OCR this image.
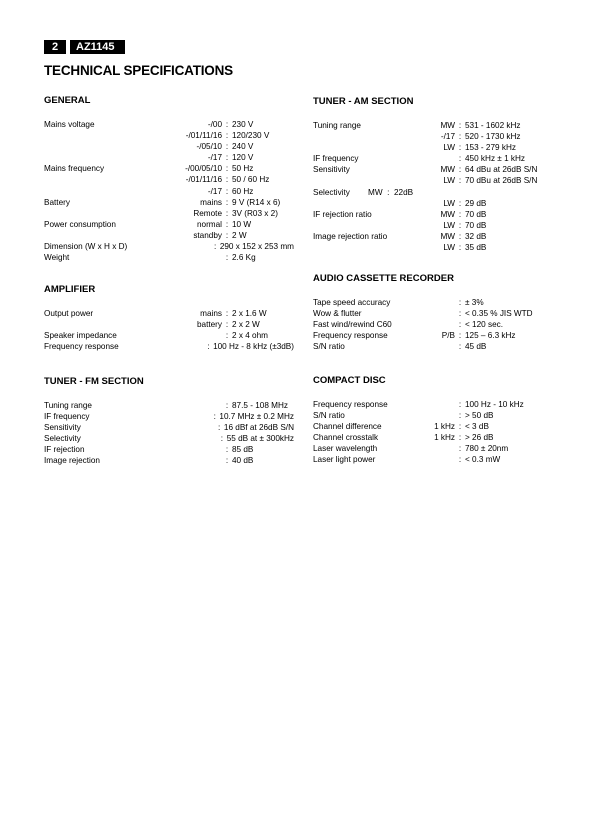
2	AZ1145
TECHNICAL SPECIFICATIONS
GENERAL
Mains voltage	-/00 : 230 V
-/01/11/16 : 120/230 V
-/05/10 : 240 V
-/17 : 120 V
Mains frequency	-/00/05/10 : 50 Hz
-/01/11/16 : 50 / 60 Hz
-/17 : 60 Hz
Battery	mains : 9 V (R14 x 6)
Remote : 3V (R03 x 2)
Power consumption	normal : 10 W
standby : 2 W
Dimension (W x H x D)	: 290 x 152 x 253 mm
Weight	: 2.6 Kg
AMPLIFIER
Output power	mains : 2 x 1.6 W
battery : 2 x 2 W
Speaker impedance	: 2 x 4 ohm
Frequency response	: 100 Hz - 8 kHz (±3dB)
TUNER - FM SECTION
Tuning range	: 87.5 - 108 MHz
IF frequency	: 10.7 MHz ± 0.2 MHz
Sensitivity	: 16 dBf at 26dB S/N
Selectivity	: 55 dB at ± 300kHz
IF rejection	: 85 dB
Image rejection	: 40 dB
TUNER - AM SECTION
Tuning range	MW : 531 - 1602 kHz
-/17 : 520 - 1730 kHz
LW : 153 - 279 kHz
IF frequency	: 450 kHz ± 1 kHz
Sensitivity	MW : 64 dBu at 26dB S/N
LW : 70 dBu at 26dB S/N
Selectivity        MW  :  22dB
LW : 29 dB
IF rejection ratio	MW : 70 dB
LW : 70 dB
Image rejection ratio	MW : 32 dB
LW : 35 dB
AUDIO CASSETTE RECORDER
Tape speed accuracy	: ± 3%
Wow & flutter	: < 0.35 % JIS WTD
Fast wind/rewind C60	: < 120 sec.
Frequency response	P/B : 125 – 6.3 kHz
S/N ratio	: 45 dB
COMPACT DISC
Frequency response	: 100 Hz - 10 kHz
S/N ratio	: > 50 dB
Channel difference	1 kHz : < 3 dB
Channel crosstalk	1 kHz : > 26 dB
Laser wavelength	: 780 ± 20nm
Laser light power	: < 0.3 mW
